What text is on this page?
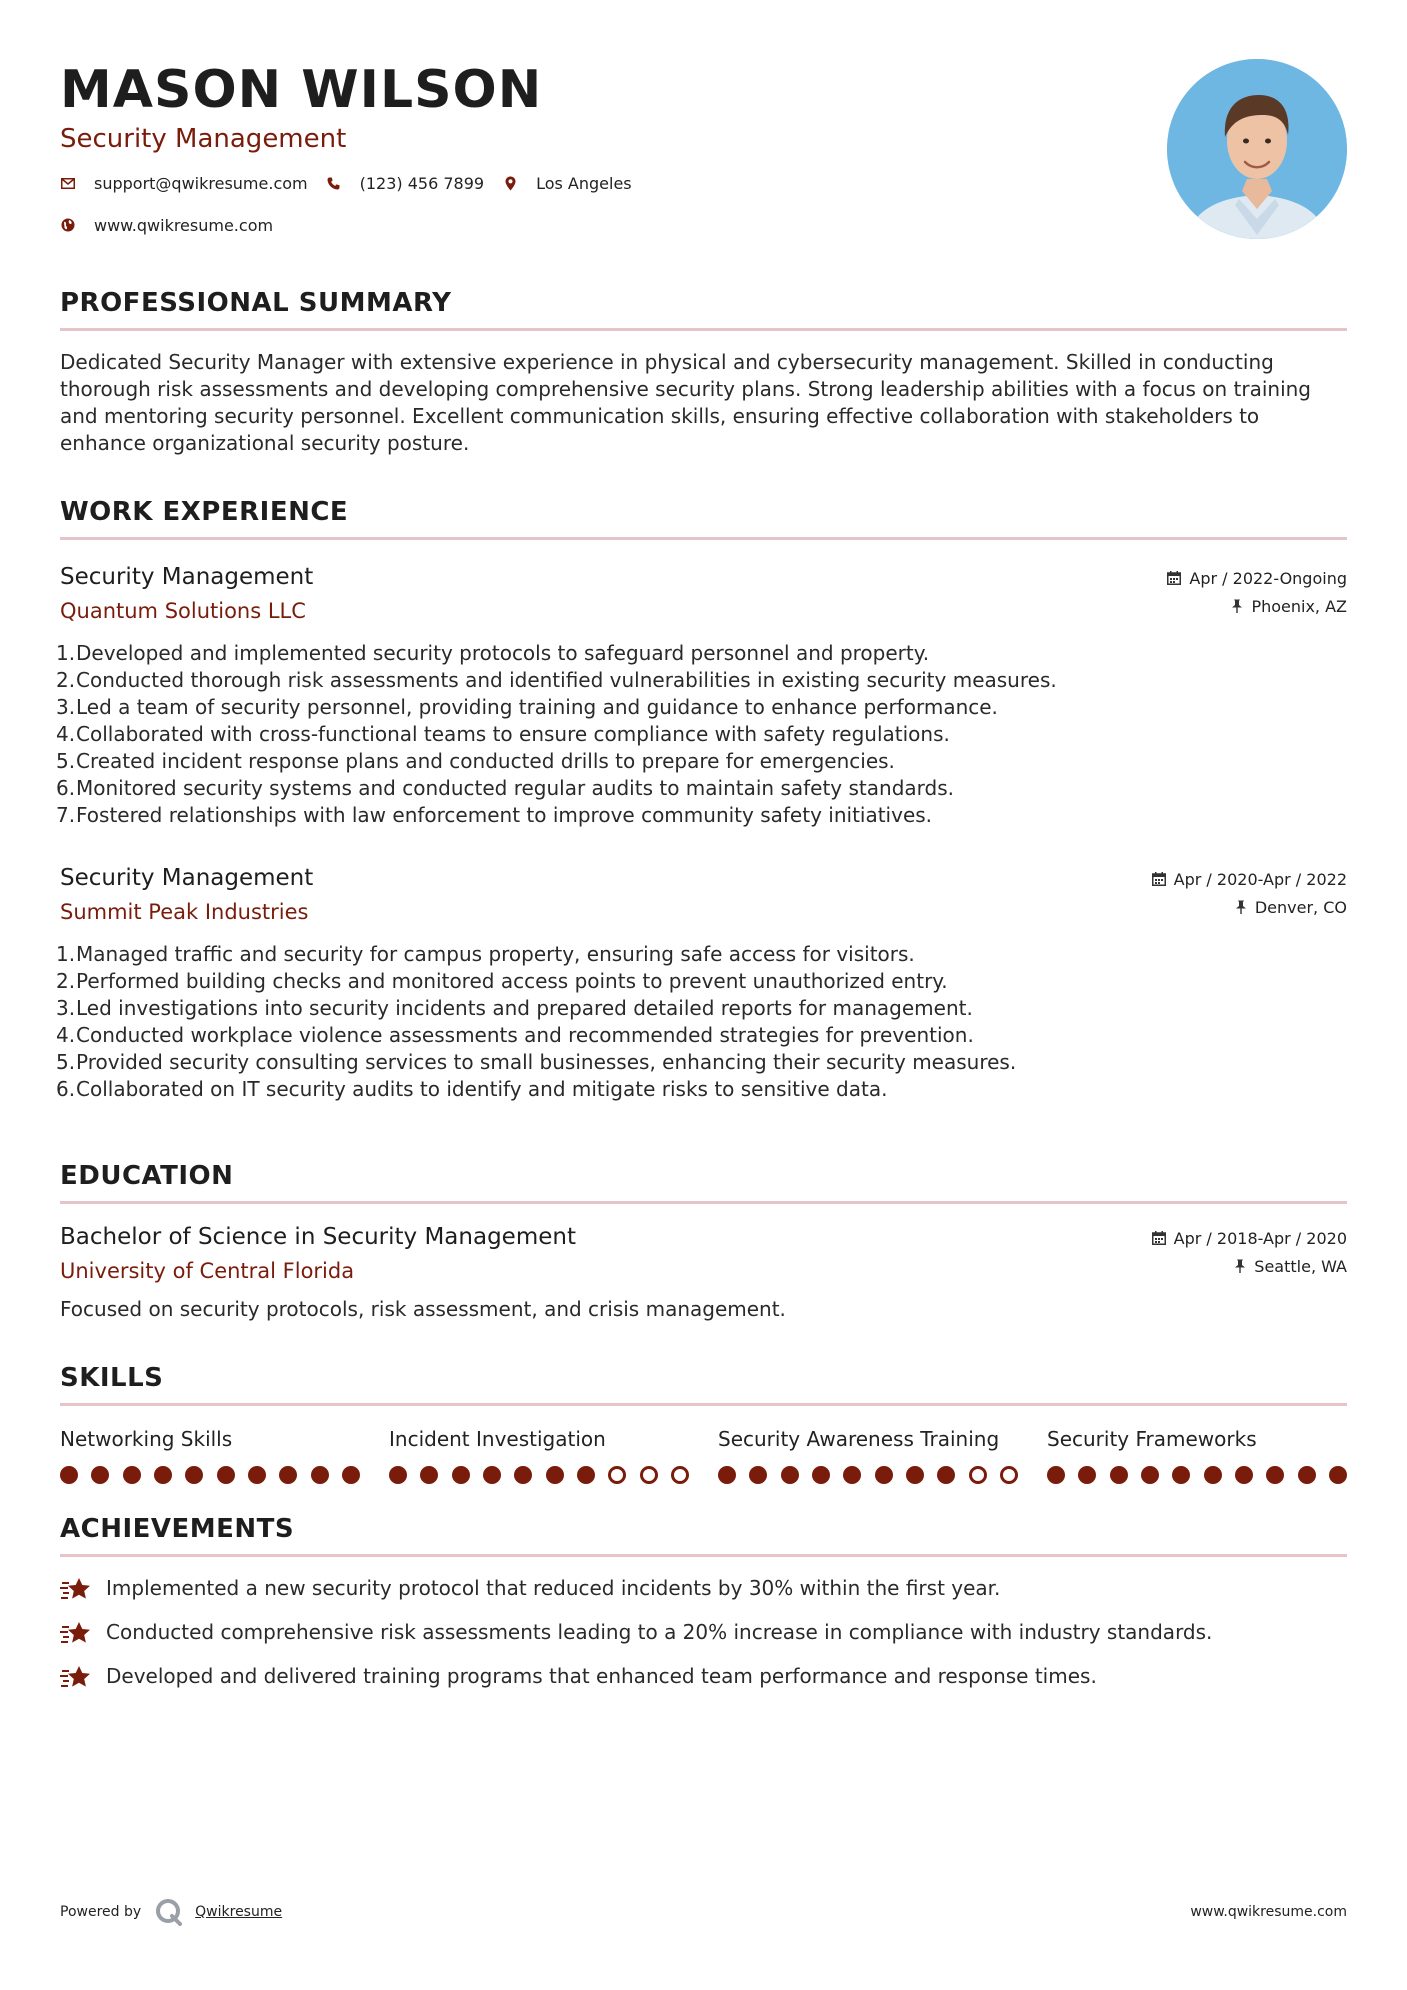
MASON WILSON
Security Management
support@qwikresume.com	(123) 456 7899	Los Angeles
www.qwikresume.com
PROFESSIONAL SUMMARY
Dedicated Security Manager with extensive experience in physical and cybersecurity management. Skilled in conducting thorough risk assessments and developing comprehensive security plans. Strong leadership abilities with a focus on training and mentoring security personnel. Excellent communication skills, ensuring effective collaboration with stakeholders to enhance organizational security posture.
WORK EXPERIENCE
Security Management
Quantum Solutions LLC
Apr / 2022-Ongoing
Phoenix, AZ
1. Developed and implemented security protocols to safeguard personnel and property.
2. Conducted thorough risk assessments and identified vulnerabilities in existing security measures.
3. Led a team of security personnel, providing training and guidance to enhance performance.
4. Collaborated with cross-functional teams to ensure compliance with safety regulations.
5. Created incident response plans and conducted drills to prepare for emergencies.
6. Monitored security systems and conducted regular audits to maintain safety standards.
7. Fostered relationships with law enforcement to improve community safety initiatives.
Security Management
Summit Peak Industries
Apr / 2020-Apr / 2022
Denver, CO
1. Managed traffic and security for campus property, ensuring safe access for visitors.
2. Performed building checks and monitored access points to prevent unauthorized entry.
3. Led investigations into security incidents and prepared detailed reports for management.
4. Conducted workplace violence assessments and recommended strategies for prevention.
5. Provided security consulting services to small businesses, enhancing their security measures.
6. Collaborated on IT security audits to identify and mitigate risks to sensitive data.
EDUCATION
Bachelor of Science in Security Management
University of Central Florida
Apr / 2018-Apr / 2020
Seattle, WA
Focused on security protocols, risk assessment, and crisis management.
SKILLS
Networking Skills	Incident Investigation	Security Awareness Training	Security Frameworks
ACHIEVEMENTS
Implemented a new security protocol that reduced incidents by 30% within the first year.
Conducted comprehensive risk assessments leading to a 20% increase in compliance with industry standards.
Developed and delivered training programs that enhanced team performance and response times.
Powered by	Qwikresume	www.qwikresume.com
